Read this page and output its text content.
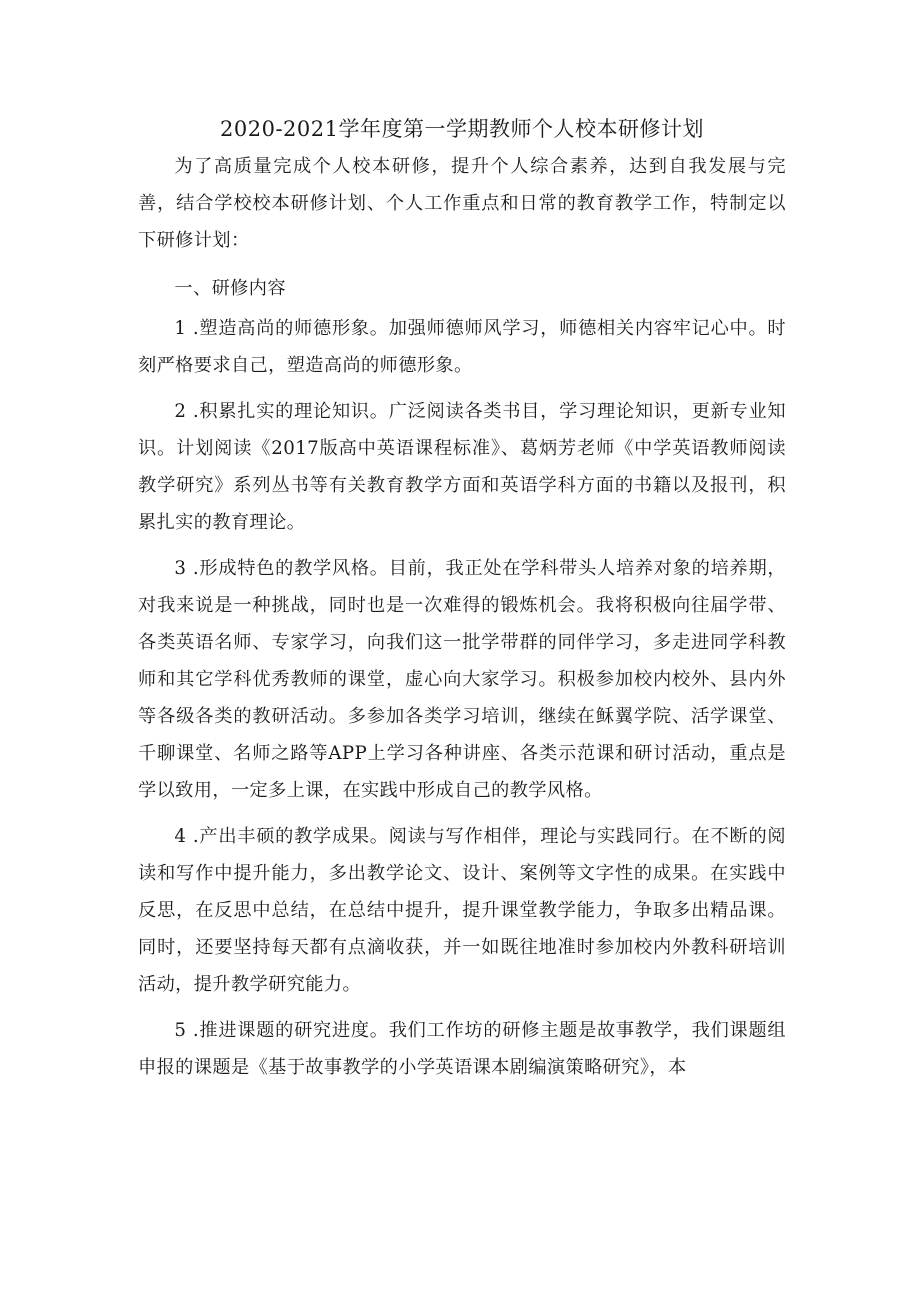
2020-2021学年度第一学期教师个人校本研修计划

为了高质量完成个人校本研修，提升个人综合素养，达到自我发展与完善，结合学校校本研修计划、个人工作重点和日常的教育教学工作，特制定以下研修计划：

一、研修内容

1 .塑造高尚的师德形象。加强师德师风学习，师德相关内容牢记心中。时刻严格要求自己，塑造高尚的师德形象。

2 .积累扎实的理论知识。广泛阅读各类书目，学习理论知识，更新专业知识。计划阅读《2017版高中英语课程标准》、葛炳芳老师《中学英语教师阅读教学研究》系列丛书等有关教育教学方面和英语学科方面的书籍以及报刊，积累扎实的教育理论。

3 .形成特色的教学风格。目前，我正处在学科带头人培养对象的培养期，对我来说是一种挑战，同时也是一次难得的锻炼机会。我将积极向往届学带、各类英语名师、专家学习，向我们这一批学带群的同伴学习，多走进同学科教师和其它学科优秀教师的课堂，虚心向大家学习。积极参加校内校外、县内外等各级各类的教研活动。多参加各类学习培训，继续在稣翼学院、活学课堂、千聊课堂、名师之路等APP上学习各种讲座、各类示范课和研讨活动，重点是学以致用，一定多上课，在实践中形成自己的教学风格。

4 .产出丰硕的教学成果。阅读与写作相伴，理论与实践同行。在不断的阅读和写作中提升能力，多出教学论文、设计、案例等文字性的成果。在实践中反思，在反思中总结，在总结中提升，提升课堂教学能力，争取多出精品课。同时，还要坚持每天都有点滴收获，并一如既往地准时参加校内外教科研培训活动，提升教学研究能力。

5 .推进课题的研究进度。我们工作坊的研修主题是故事教学，我们课题组申报的课题是《基于故事教学的小学英语课本剧编演策略研究》，本
